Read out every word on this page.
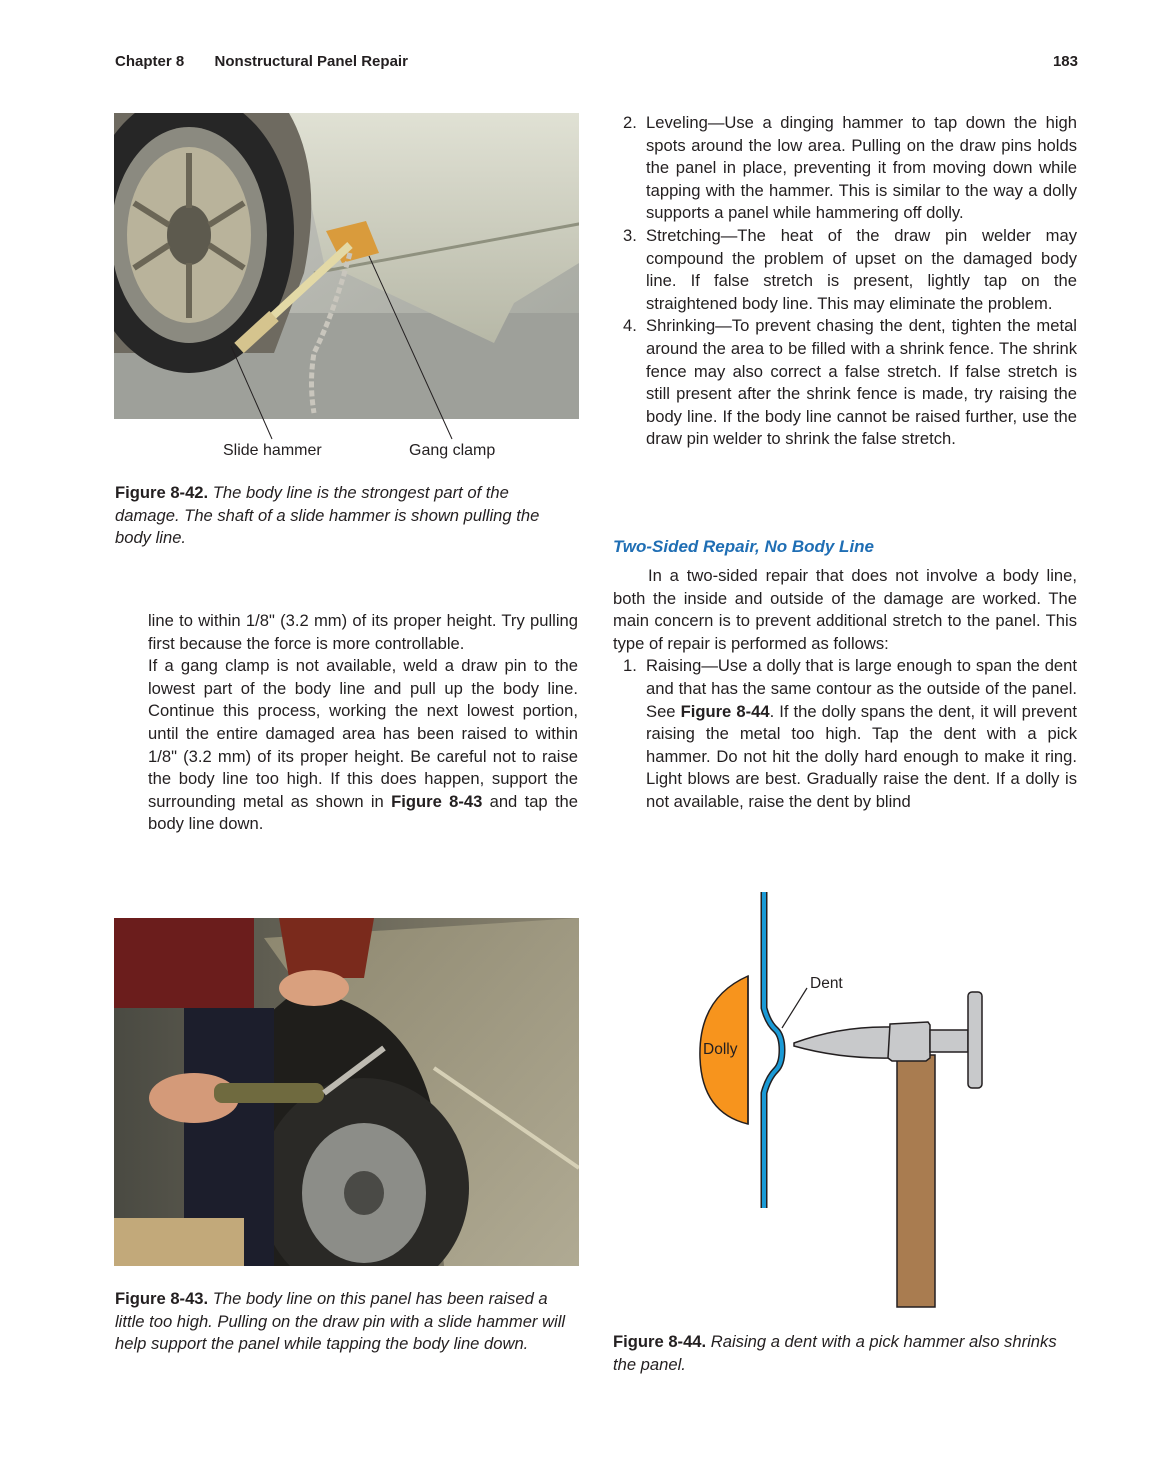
Chapter 8 Nonstructural Panel Repair	183
Slide hammer	Gang clamp
Figure 8-42. The body line is the strongest part of the damage. The shaft of a slide hammer is shown pulling the body line.

line to within 1/8" (3.2 mm) of its proper height. Try pulling first because the force is more controllable.

If a gang clamp is not available, weld a draw pin to the lowest part of the body line and pull up the body line. Continue this process, working the next lowest portion, until the entire damaged area has been raised to within 1/8" (3.2 mm) of its proper height. Be careful not to raise the body line too high. If this does happen, support the surrounding metal as shown in Figure 8-43 and tap the body line down.

2. Leveling—Use a dinging hammer to tap down the high spots around the low area. Pulling on the draw pins holds the panel in place, preventing it from moving down while tapping with the hammer. This is similar to the way a dolly supports a panel while hammering off dolly.
3. Stretching—The heat of the draw pin welder may compound the problem of upset on the damaged body line. If false stretch is present, lightly tap on the straightened body line. This may eliminate the problem.
4. Shrinking—To prevent chasing the dent, tighten the metal around the area to be filled with a shrink fence. The shrink fence may also correct a false stretch. If false stretch is still present after the shrink fence is made, try raising the body line. If the body line cannot be raised further, use the draw pin welder to shrink the false stretch.
Two-Sided Repair, No Body Line

In a two-sided repair that does not involve a body line, both the inside and outside of the damage are worked. The main concern is to prevent additional stretch to the panel. This type of repair is performed as follows:

1. Raising—Use a dolly that is large enough to span the dent and that has the same contour as the outside of the panel. See Figure 8-44. If the dolly spans the dent, it will prevent raising the metal too high. Tap the dent with a pick hammer. Do not hit the dolly hard enough to make it ring. Light blows are best. Gradually raise the dent. If a dolly is not available, raise the dent by blind
Figure 8-43. The body line on this panel has been raised a little too high. Pulling on the draw pin with a slide hammer will help support the panel while tapping the body line down.
Dent
Dolly
Figure 8-44. Raising a dent with a pick hammer also shrinks the panel.
